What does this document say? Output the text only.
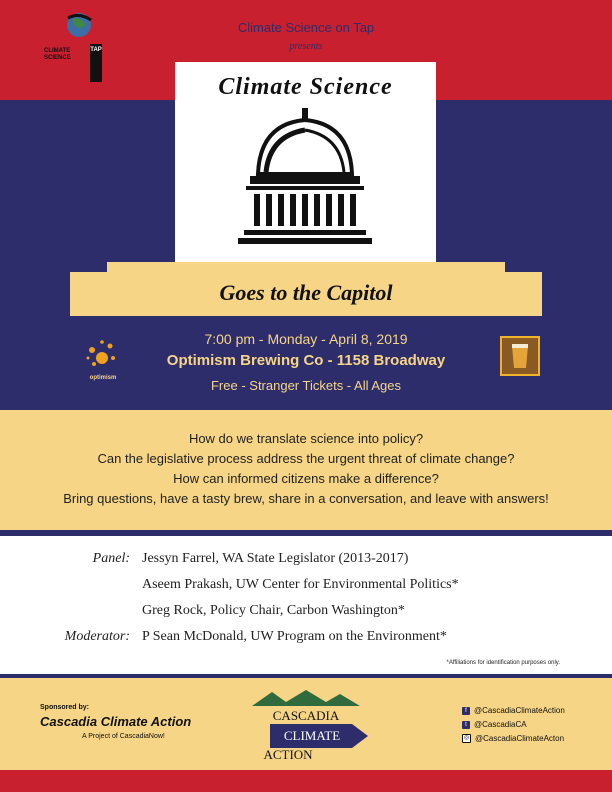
CLIMATE
SCIENCE
TAP
Climate Science on Tap
presents
Climate Science
Goes to the Capitol
optimism
7:00 pm - Monday - April 8, 2019
Optimism Brewing Co - 1158 Broadway
Free - Stranger Tickets - All Ages
How do we translate science into policy?
Can the legislative process address the urgent threat of climate change?
How can informed citizens make a difference?
Bring questions, have a tasty brew, share in a conversation, and leave with answers!
Panel: Jessyn Farrel, WA State Legislator (2013-2017)
Aseem Prakash, UW Center for Environmental Politics*
Greg Rock, Policy Chair, Carbon Washington*
Moderator: P Sean McDonald, UW Program on the Environment*
*Affiliations for identification purposes only.
Sponsored by:
Cascadia Climate Action
A Project of CascadiaNow!
CASCADIA
CLIMATE
ACTION
f @CascadiaClimateAction
t @CascadiaCA
◎ @CascadiaClimateActon
